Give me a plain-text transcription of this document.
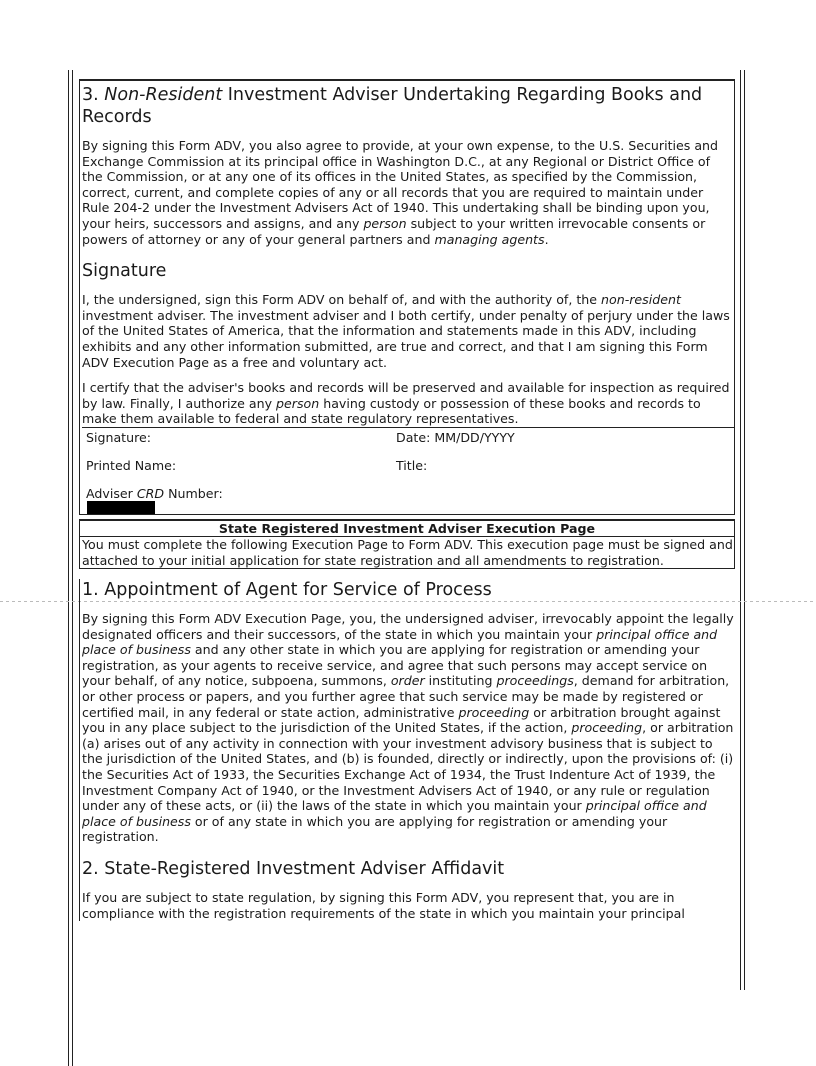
3. Non-Resident Investment Adviser Undertaking Regarding Books and Records

By signing this Form ADV, you also agree to provide, at your own expense, to the U.S. Securities and Exchange Commission at its principal office in Washington D.C., at any Regional or District Office of the Commission, or at any one of its offices in the United States, as specified by the Commission, correct, current, and complete copies of any or all records that you are required to maintain under Rule 204-2 under the Investment Advisers Act of 1940. This undertaking shall be binding upon you, your heirs, successors and assigns, and any person subject to your written irrevocable consents or powers of attorney or any of your general partners and managing agents.

Signature

I, the undersigned, sign this Form ADV on behalf of, and with the authority of, the non-resident investment adviser. The investment adviser and I both certify, under penalty of perjury under the laws of the United States of America, that the information and statements made in this ADV, including exhibits and any other information submitted, are true and correct, and that I am signing this Form ADV Execution Page as a free and voluntary act.

I certify that the adviser's books and records will be preserved and available for inspection as required by law. Finally, I authorize any person having custody or possession of these books and records to make them available to federal and state regulatory representatives.

Signature:	Date: MM/DD/YYYY
Printed Name:	Title:
Adviser CRD Number:
State Registered Investment Adviser Execution Page

You must complete the following Execution Page to Form ADV. This execution page must be signed and attached to your initial application for state registration and all amendments to registration.

1. Appointment of Agent for Service of Process

By signing this Form ADV Execution Page, you, the undersigned adviser, irrevocably appoint the legally designated officers and their successors, of the state in which you maintain your principal office and place of business and any other state in which you are applying for registration or amending your registration, as your agents to receive service, and agree that such persons may accept service on your behalf, of any notice, subpoena, summons, order instituting proceedings, demand for arbitration, or other process or papers, and you further agree that such service may be made by registered or certified mail, in any federal or state action, administrative proceeding or arbitration brought against you in any place subject to the jurisdiction of the United States, if the action, proceeding, or arbitration (a) arises out of any activity in connection with your investment advisory business that is subject to the jurisdiction of the United States, and (b) is founded, directly or indirectly, upon the provisions of: (i) the Securities Act of 1933, the Securities Exchange Act of 1934, the Trust Indenture Act of 1939, the Investment Company Act of 1940, or the Investment Advisers Act of 1940, or any rule or regulation under any of these acts, or (ii) the laws of the state in which you maintain your principal office and place of business or of any state in which you are applying for registration or amending your registration.

2. State-Registered Investment Adviser Affidavit

If you are subject to state regulation, by signing this Form ADV, you represent that, you are in compliance with the registration requirements of the state in which you maintain your principal
